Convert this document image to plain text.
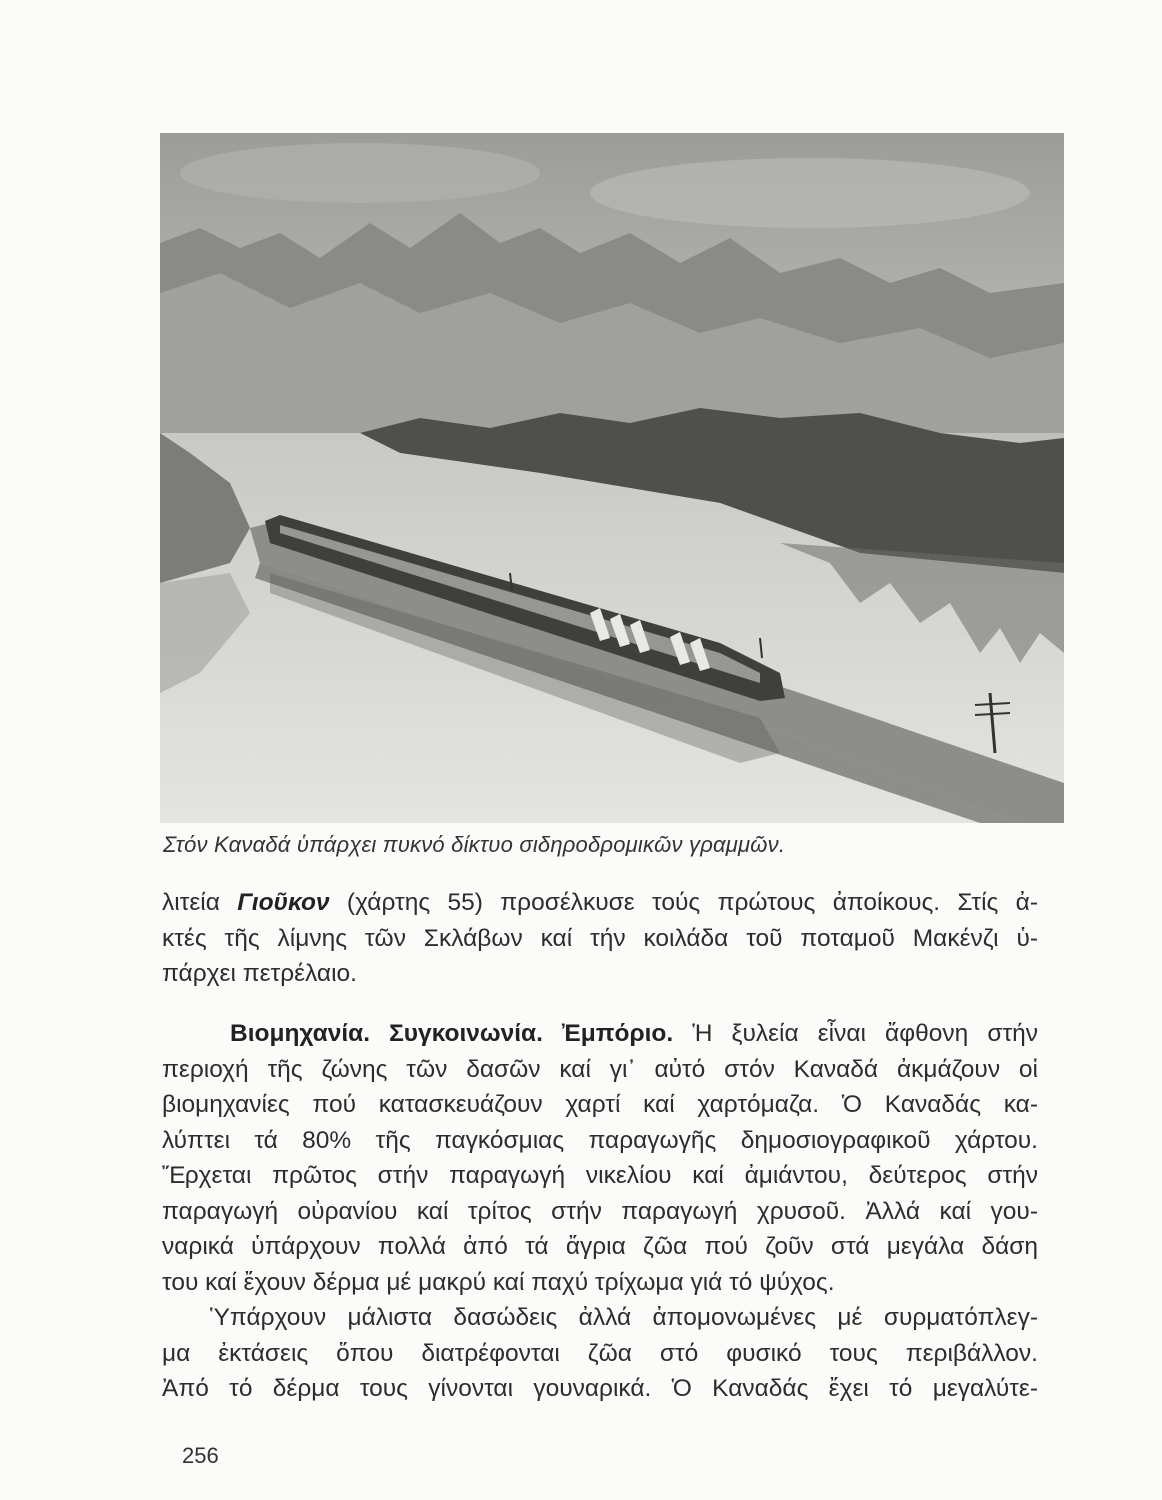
Στόν Καναδά ὑπάρχει πυκνό δίκτυο σιδηροδρομικῶν γραμμῶν.
λιτεία Γιοῦκον (χάρτης 55) προσέλκυσε τούς πρώτους ἀποίκους. Στίς ἀ-
κτές τῆς λίμνης τῶν Σκλάβων καί τήν κοιλάδα τοῦ ποταμοῦ Μακένζι ὑ-
πάρχει πετρέλαιο.
Βιομηχανία. Συγκοινωνία. Ἐμπόριο. Ἡ ξυλεία εἶναι ἄφθονη στήν
περιοχή τῆς ζώνης τῶν δασῶν καί γι᾿ αὐτό στόν Καναδά ἀκμάζουν οἱ
βιομηχανίες πού κατασκευάζουν χαρτί καί χαρτόμαζα. Ὁ Καναδάς κα-
λύπτει τά 80% τῆς παγκόσμιας παραγωγῆς δημοσιογραφικοῦ χάρτου.
Ἔρχεται πρῶτος στήν παραγωγή νικελίου καί ἀμιάντου, δεύτερος στήν
παραγωγή οὐρανίου καί τρίτος στήν παραγωγή χρυσοῦ. Ἀλλά καί γου-
ναρικά ὑπάρχουν πολλά ἀπό τά ἄγρια ζῶα πού ζοῦν στά μεγάλα δάση
του καί ἔχουν δέρμα μέ μακρύ καί παχύ τρίχωμα γιά τό ψύχος.
Ὑπάρχουν μάλιστα δασώδεις ἀλλά ἀπομονωμένες μέ συρματόπλεγ-
μα ἐκτάσεις ὅπου διατρέφονται ζῶα στό φυσικό τους περιβάλλον.
Ἀπό τό δέρμα τους γίνονται γουναρικά. Ὁ Καναδάς ἔχει τό μεγαλύτε-
256
